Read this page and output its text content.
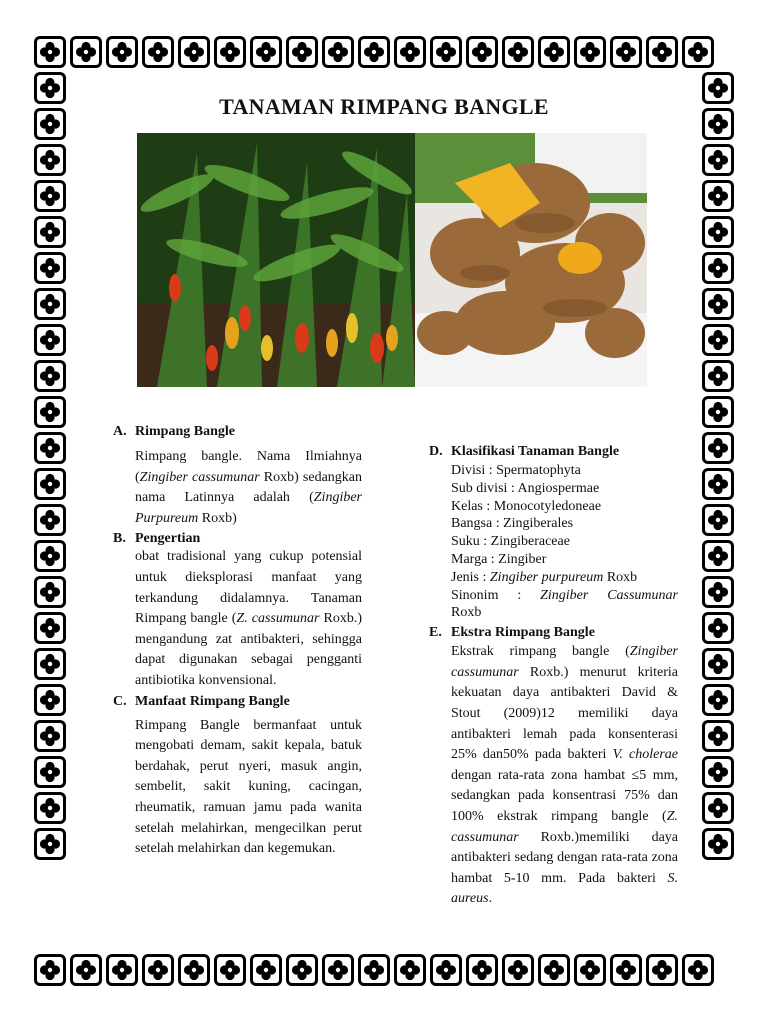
TANAMAN RIMPANG BANGLE
A. Rimpang Bangle
Rimpang bangle. Nama Ilmiahnya (Zingiber cassumunar Roxb) sedangkan nama Latinnya adalah (Zingiber Purpureum Roxb)
B. Pengertian
obat tradisional yang cukup potensial untuk dieksplorasi manfaat yang terkandung didalamnya. Tanaman Rimpang bangle (Z. cassumunar Roxb.) mengandung zat antibakteri, sehingga dapat digunakan sebagai pengganti antibiotika konvensional.
C. Manfaat Rimpang Bangle
Rimpang Bangle bermanfaat untuk mengobati demam, sakit kepala, batuk berdahak, perut nyeri, masuk angin, sembelit, sakit kuning, cacingan, rheumatik, ramuan jamu pada wanita setelah melahirkan, mengecilkan perut setelah melahirkan dan kegemukan.
D. Klasifikasi Tanaman Bangle
Divisi : Spermatophyta
Sub divisi : Angiospermae
Kelas : Monocotyledoneae
Bangsa : Zingiberales
Suku : Zingiberaceae
Marga : Zingiber
Jenis : Zingiber purpureum Roxb
Sinonim : Zingiber Cassumunar
Roxb
E. Ekstra Rimpang Bangle
Ekstrak rimpang bangle (Zingiber cassumunar Roxb.) menurut kriteria kekuatan daya antibakteri David & Stout (2009)12 memiliki daya antibakteri lemah pada konsenterasi 25% dan50% pada bakteri V. cholerae dengan rata-rata zona hambat ≤5 mm, sedangkan pada konsentrasi 75% dan 100% ekstrak rimpang bangle (Z. cassumunar Roxb.)memiliki daya antibakteri sedang dengan rata-rata zona hambat 5-10 mm. Pada bakteri S. aureus.
